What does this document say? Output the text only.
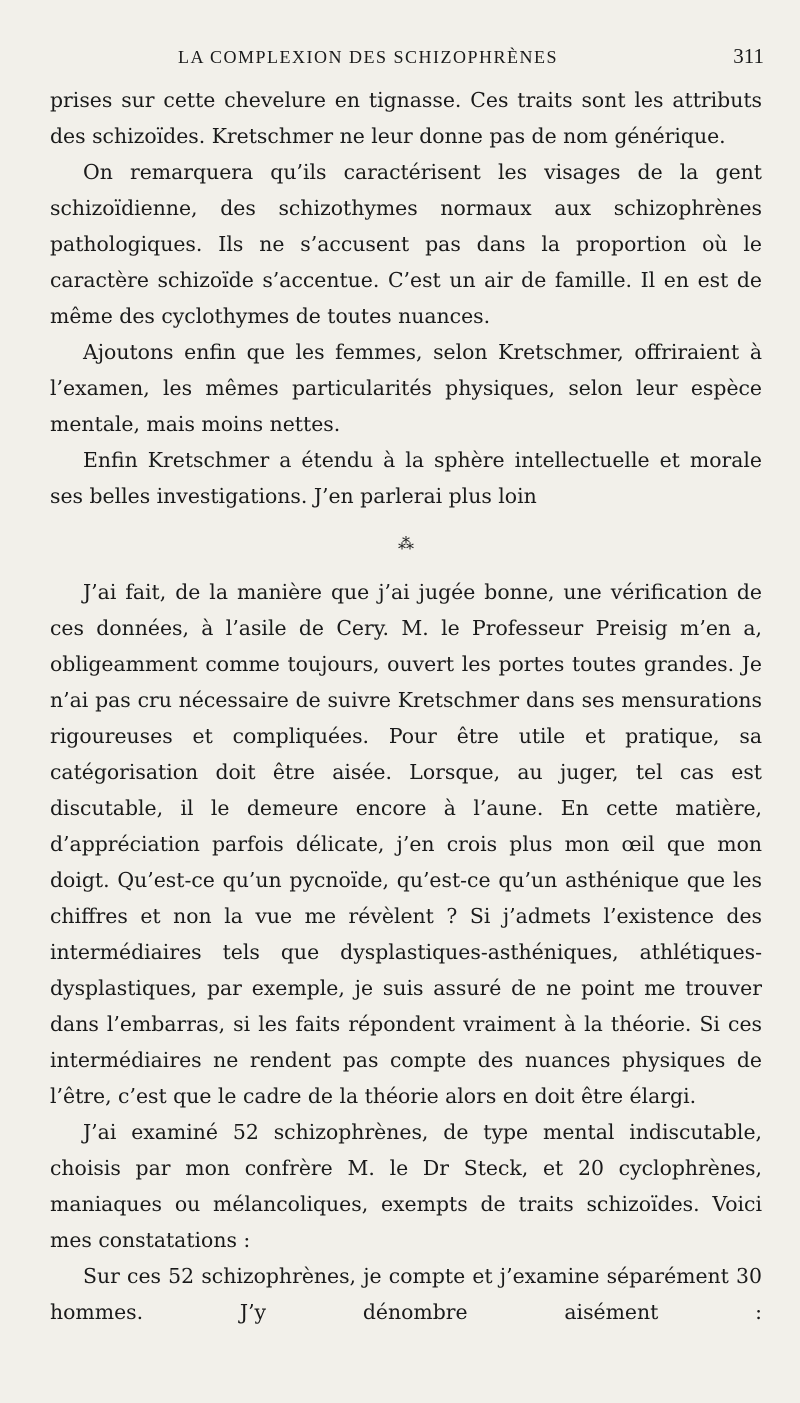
LA COMPLEXION DES SCHIZOPHRÈNES	311

prises sur cette chevelure en tignasse. Ces traits sont les attributs des schizoïdes. Kretschmer ne leur donne pas de nom générique.

On remarquera qu’ils caractérisent les visages de la gent schizoïdienne, des schizothymes normaux aux schizophrènes pathologiques. Ils ne s’accusent pas dans la proportion où le caractère schizoïde s’accentue. C’est un air de famille. Il en est de même des cyclothymes de toutes nuances.

Ajoutons enfin que les femmes, selon Kretschmer, offriraient à l’examen, les mêmes particularités physiques, selon leur espèce mentale, mais moins nettes.

Enfin Kretschmer a étendu à la sphère intellectuelle et morale ses belles investigations. J’en parlerai plus loin

⁂

J’ai fait, de la manière que j’ai jugée bonne, une vérification de ces données, à l’asile de Cery. M. le Professeur Preisig m’en a, obligeamment comme toujours, ouvert les portes toutes grandes. Je n’ai pas cru nécessaire de suivre Kretschmer dans ses mensurations rigoureuses et compliquées. Pour être utile et pratique, sa catégorisation doit être aisée. Lorsque, au juger, tel cas est discutable, il le demeure encore à l’aune. En cette matière, d’appréciation parfois délicate, j’en crois plus mon œil que mon doigt. Qu’est-ce qu’un pycnoïde, qu’est-ce qu’un asthénique que les chiffres et non la vue me révèlent ? Si j’admets l’existence des intermédiaires tels que dysplastiques-asthéniques, athlétiques-dysplastiques, par exemple, je suis assuré de ne point me trouver dans l’embarras, si les faits répondent vraiment à la théorie. Si ces intermédiaires ne rendent pas compte des nuances physiques de l’être, c’est que le cadre de la théorie alors en doit être élargi.

J’ai examiné 52 schizophrènes, de type mental indiscutable, choisis par mon confrère M. le Dr Steck, et 20 cyclophrènes, maniaques ou mélancoliques, exempts de traits schizoïdes. Voici mes constatations :

Sur ces 52 schizophrènes, je compte et j’examine séparément 30 hommes. J’y dénombre aisément :
